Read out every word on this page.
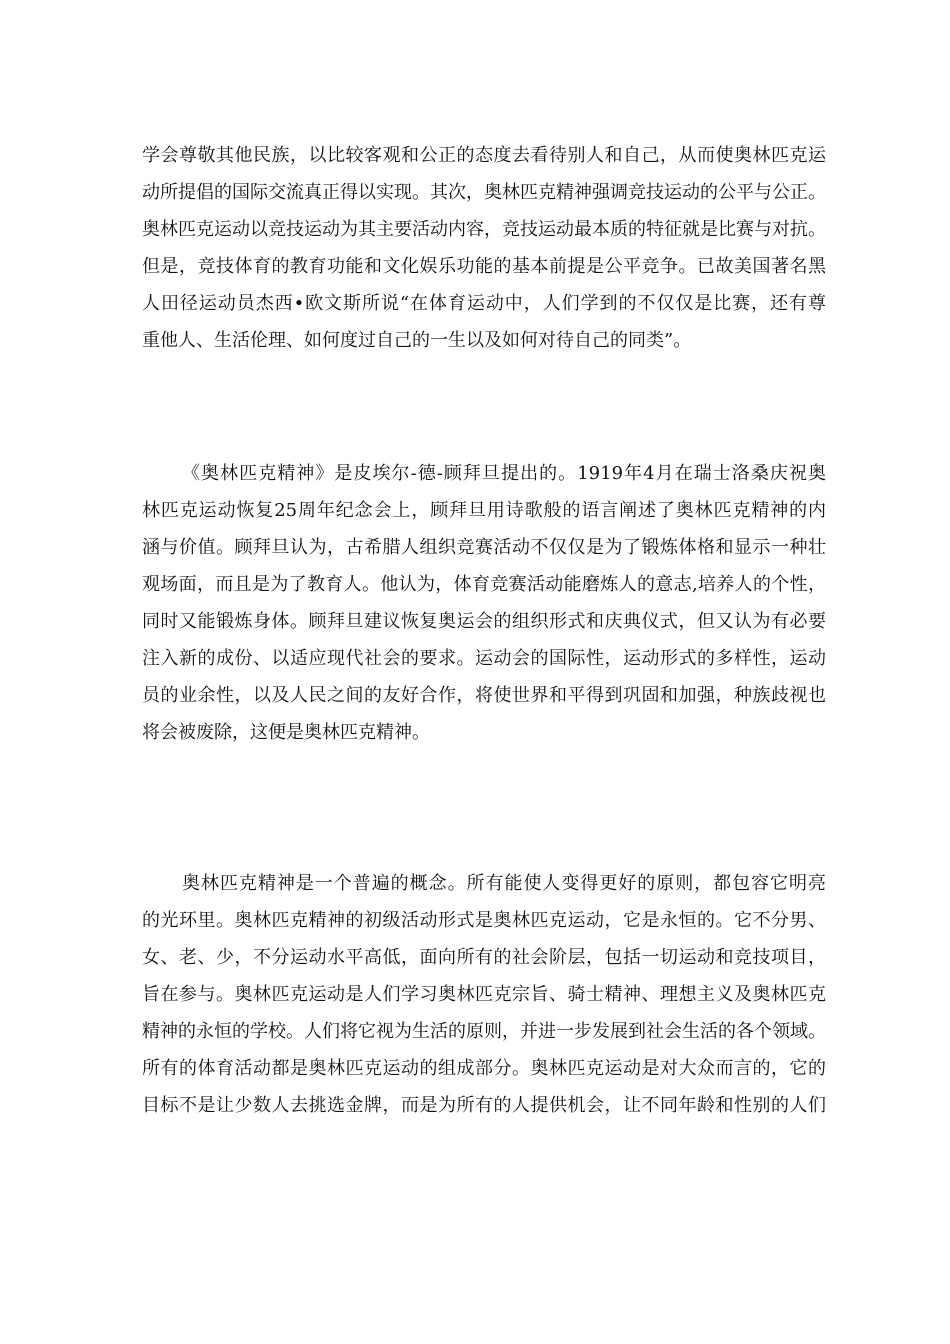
学会尊敬其他民族，以比较客观和公正的态度去看待别人和自己，从而使奥林匹克运
动所提倡的国际交流真正得以实现。其次，奥林匹克精神强调竞技运动的公平与公正。
奥林匹克运动以竞技运动为其主要活动内容，竞技运动最本质的特征就是比赛与对抗。
但是，竞技体育的教育功能和文化娱乐功能的基本前提是公平竞争。已故美国著名黑
人田径运动员杰西•欧文斯所说“在体育运动中，人们学到的不仅仅是比赛，还有尊
重他人、生活伦理、如何度过自己的一生以及如何对待自己的同类”。
《奥林匹克精神》是皮埃尔-德-顾拜旦提出的。1919年4月在瑞士洛桑庆祝奥
林匹克运动恢复25周年纪念会上，顾拜旦用诗歌般的语言阐述了奥林匹克精神的内
涵与价值。顾拜旦认为，古希腊人组织竞赛活动不仅仅是为了锻炼体格和显示一种壮
观场面，而且是为了教育人。他认为，体育竞赛活动能磨炼人的意志,培养人的个性，
同时又能锻炼身体。顾拜旦建议恢复奥运会的组织形式和庆典仪式，但又认为有必要
注入新的成份、以适应现代社会的要求。运动会的国际性，运动形式的多样性，运动
员的业余性，以及人民之间的友好合作，将使世界和平得到巩固和加强，种族歧视也
将会被废除，这便是奥林匹克精神。
奥林匹克精神是一个普遍的概念。所有能使人变得更好的原则，都包容它明亮
的光环里。奥林匹克精神的初级活动形式是奥林匹克运动，它是永恒的。它不分男、
女、老、少，不分运动水平高低，面向所有的社会阶层，包括一切运动和竞技项目，
旨在参与。奥林匹克运动是人们学习奥林匹克宗旨、骑士精神、理想主义及奥林匹克
精神的永恒的学校。人们将它视为生活的原则，并进一步发展到社会生活的各个领域。
所有的体育活动都是奥林匹克运动的组成部分。奥林匹克运动是对大众而言的，它的
目标不是让少数人去挑选金牌，而是为所有的人提供机会，让不同年龄和性别的人们
